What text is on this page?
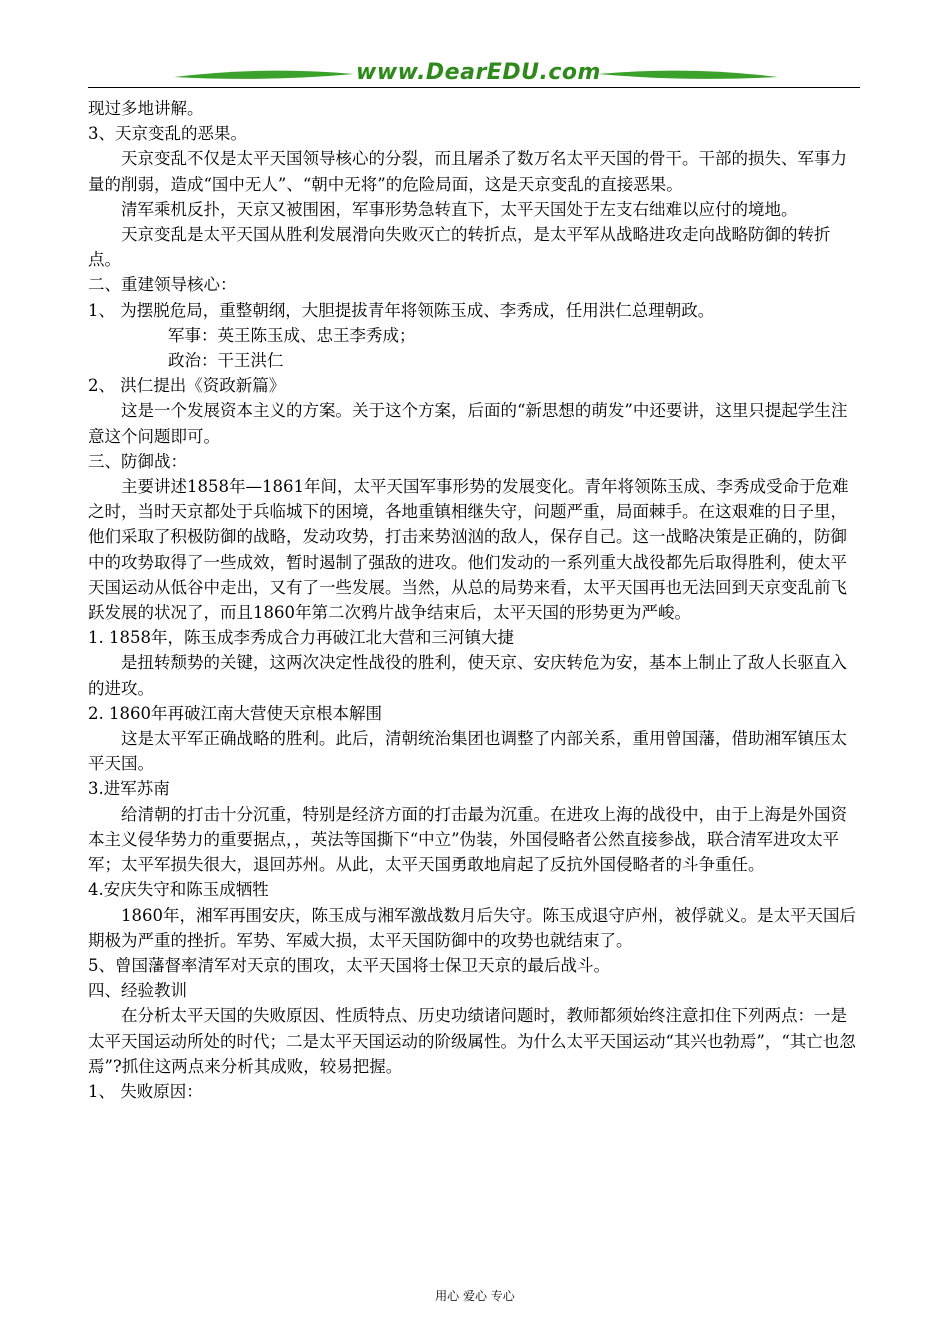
www.DearEDU.com

现过多地讲解。

3、天京变乱的恶果。

天京变乱不仅是太平天国领导核心的分裂，而且屠杀了数万名太平天国的骨干。干部的损失、军事力量的削弱，造成“国中无人”、“朝中无将”的危险局面，这是天京变乱的直接恶果。

清军乘机反扑，天京又被围困，军事形势急转直下，太平天国处于左支右绌难以应付的境地。

天京变乱是太平天国从胜利发展滑向失败灭亡的转折点，是太平军从战略进攻走向战略防御的转折点。

二、重建领导核心：

1、 为摆脱危局，重整朝纲，大胆提拔青年将领陈玉成、李秀成，任用洪仁总理朝政。

军事：英王陈玉成、忠王李秀成；

政治：干王洪仁

2、 洪仁提出《资政新篇》

这是一个发展资本主义的方案。关于这个方案，后面的“新思想的萌发”中还要讲，这里只提起学生注意这个问题即可。

三、防御战：

主要讲述1858年—1861年间，太平天国军事形势的发展变化。青年将领陈玉成、李秀成受命于危难之时，当时天京都处于兵临城下的困境，各地重镇相继失守，问题严重，局面棘手。在这艰难的日子里，他们采取了积极防御的战略，发动攻势，打击来势汹汹的敌人，保存自己。这一战略决策是正确的，防御中的攻势取得了一些成效，暂时遏制了强敌的进攻。他们发动的一系列重大战役都先后取得胜利，使太平天国运动从低谷中走出，又有了一些发展。当然，从总的局势来看，太平天国再也无法回到天京变乱前飞跃发展的状况了，而且1860年第二次鸦片战争结束后，太平天国的形势更为严峻。

1. 1858年，陈玉成李秀成合力再破江北大营和三河镇大捷

是扭转颓势的关键，这两次决定性战役的胜利，使天京、安庆转危为安，基本上制止了敌人长驱直入的进攻。

2. 1860年再破江南大营使天京根本解围

这是太平军正确战略的胜利。此后，清朝统治集团也调整了内部关系，重用曾国藩，借助湘军镇压太平天国。

3.进军苏南

给清朝的打击十分沉重，特别是经济方面的打击最为沉重。在进攻上海的战役中，由于上海是外国资本主义侵华势力的重要据点，，英法等国撕下“中立”伪装，外国侵略者公然直接参战，联合清军进攻太平军；太平军损失很大，退回苏州。从此，太平天国勇敢地肩起了反抗外国侵略者的斗争重任。

4.安庆失守和陈玉成牺牲

1860年，湘军再围安庆，陈玉成与湘军激战数月后失守。陈玉成退守庐州，被俘就义。是太平天国后期极为严重的挫折。军势、军威大损，太平天国防御中的攻势也就结束了。

5、曾国藩督率清军对天京的围攻，太平天国将士保卫天京的最后战斗。

四、经验教训

在分析太平天国的失败原因、性质特点、历史功绩诸问题时，教师都须始终注意扣住下列两点：一是太平天国运动所处的时代；二是太平天国运动的阶级属性。为什么太平天国运动“其兴也勃焉”，“其亡也忽焉”?抓住这两点来分析其成败，较易把握。

1、 失败原因：

用心 爱心 专心
